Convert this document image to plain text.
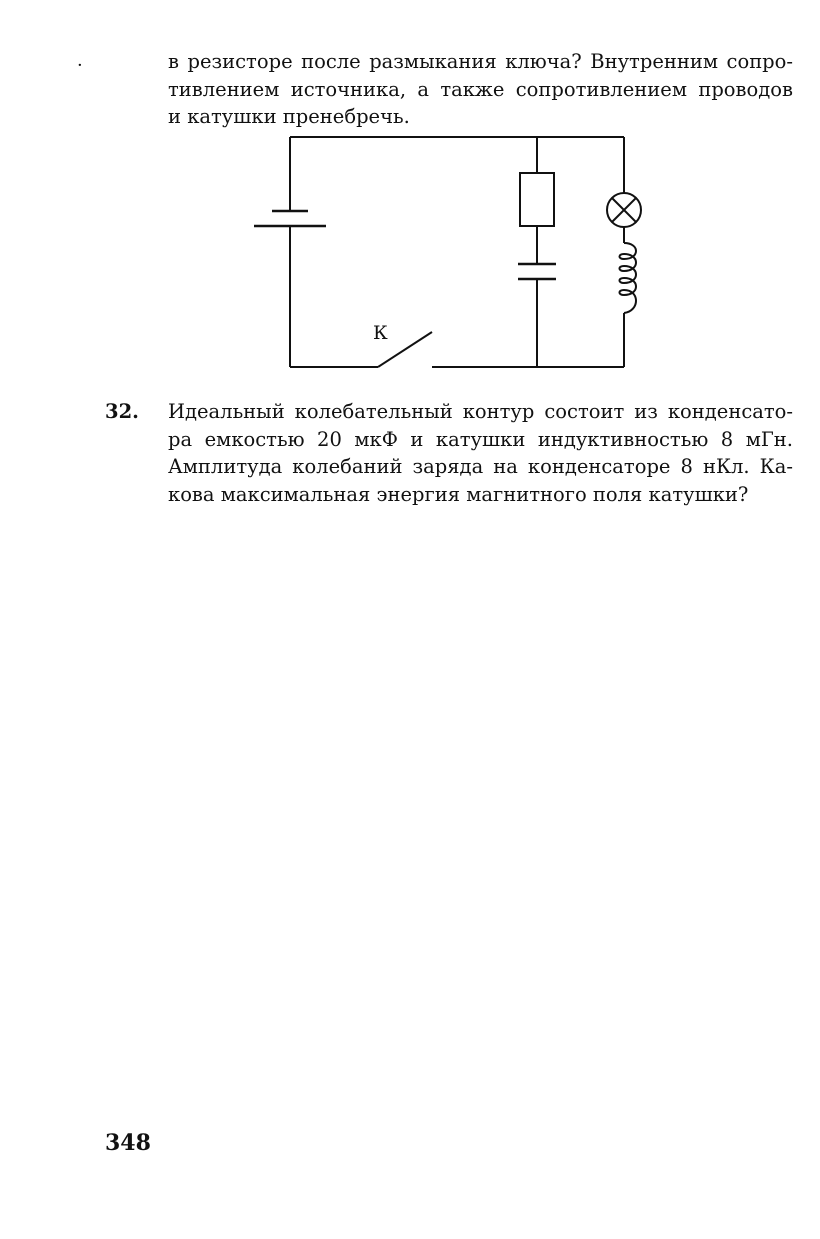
·	в резисторе после размыкания ключа? Внутренним сопро-
тивлением источника, а также сопротивлением проводов
и катушки пренебречь.

К
32. Идеальный колебательный контур состоит из конденсато-
ра емкостью 20 мкФ и катушки индуктивностью 8 мГн.
Амплитуда колебаний заряда на конденсаторе 8 нКл. Ка-
кова максимальная энергия магнитного поля катушки?

348
